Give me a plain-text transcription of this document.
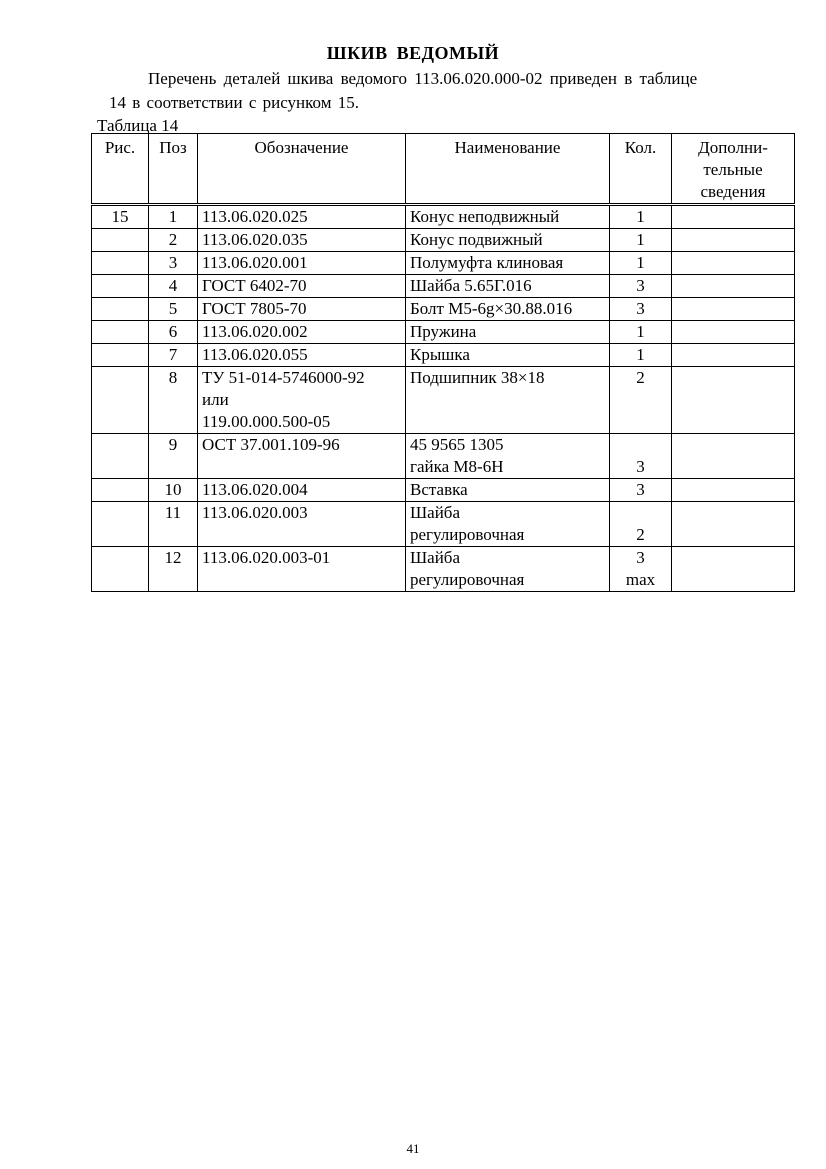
ШКИВ ВЕДОМЫЙ
Перечень деталей шкива ведомого 113.06.020.000-02 приведен в таблице
14 в соответствии с рисунком 15.
Таблица 14
Рис.	Поз	Обозначение	Наименование	Кол.	Дополни-
тельные
сведения

15	1	113.06.020.025	Конус неподвижный	1	

	2	113.06.020.035	Конус подвижный	1	

	3	113.06.020.001	Полумуфта клиновая	1	

	4	ГОСТ 6402-70	Шайба 5.65Г.016	3	

	5	ГОСТ 7805-70	Болт М5-6g×30.88.016	3	

	6	113.06.020.002	Пружина	1	

	7	113.06.020.055	Крышка	1	

	8	ТУ 51-014-5746000-92
или
119.00.000.500-05	Подшипник 38×18	2	

	9	ОСТ 37.001.109-96	45 9565 1305
гайка М8-6Н	3	

	10	113.06.020.004	Вставка	3	

	11	113.06.020.003	Шайба
регулировочная	2	

	12	113.06.020.003-01	Шайба
регулировочная	3
max	

41
